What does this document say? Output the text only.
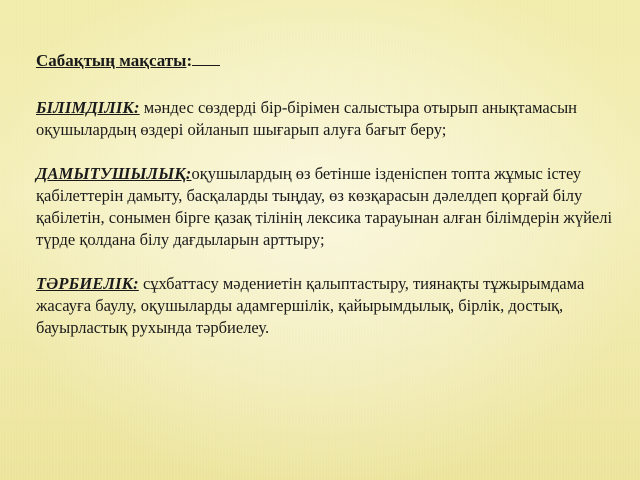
Сабақтың мақсаты:

БІЛІМДІЛІК: мәндес сөздерді бір-бірімен салыстыра отырып анықтамасын оқушылардың өздері ойланып шығарып алуға бағыт беру;

ДАМЫТУШЫЛЫҚ:оқушылардың өз бетінше ізденіспен топта жұмыс істеу қабілеттерін дамыту, басқаларды тыңдау, өз көзқарасын дәлелдеп қорғай білу қабілетін, сонымен бірге қазақ тілінің лексика тарауынан алған білімдерін жүйелі түрде қолдана білу дағдыларын арттыру;

ТӘРБИЕЛІК: сұхбаттасу мәдениетін қалыптастыру, тиянақты тұжырымдама жасауға баулу, оқушыларды адамгершілік, қайырымдылық, бірлік, достық, бауырластық рухында тәрбиелеу.
